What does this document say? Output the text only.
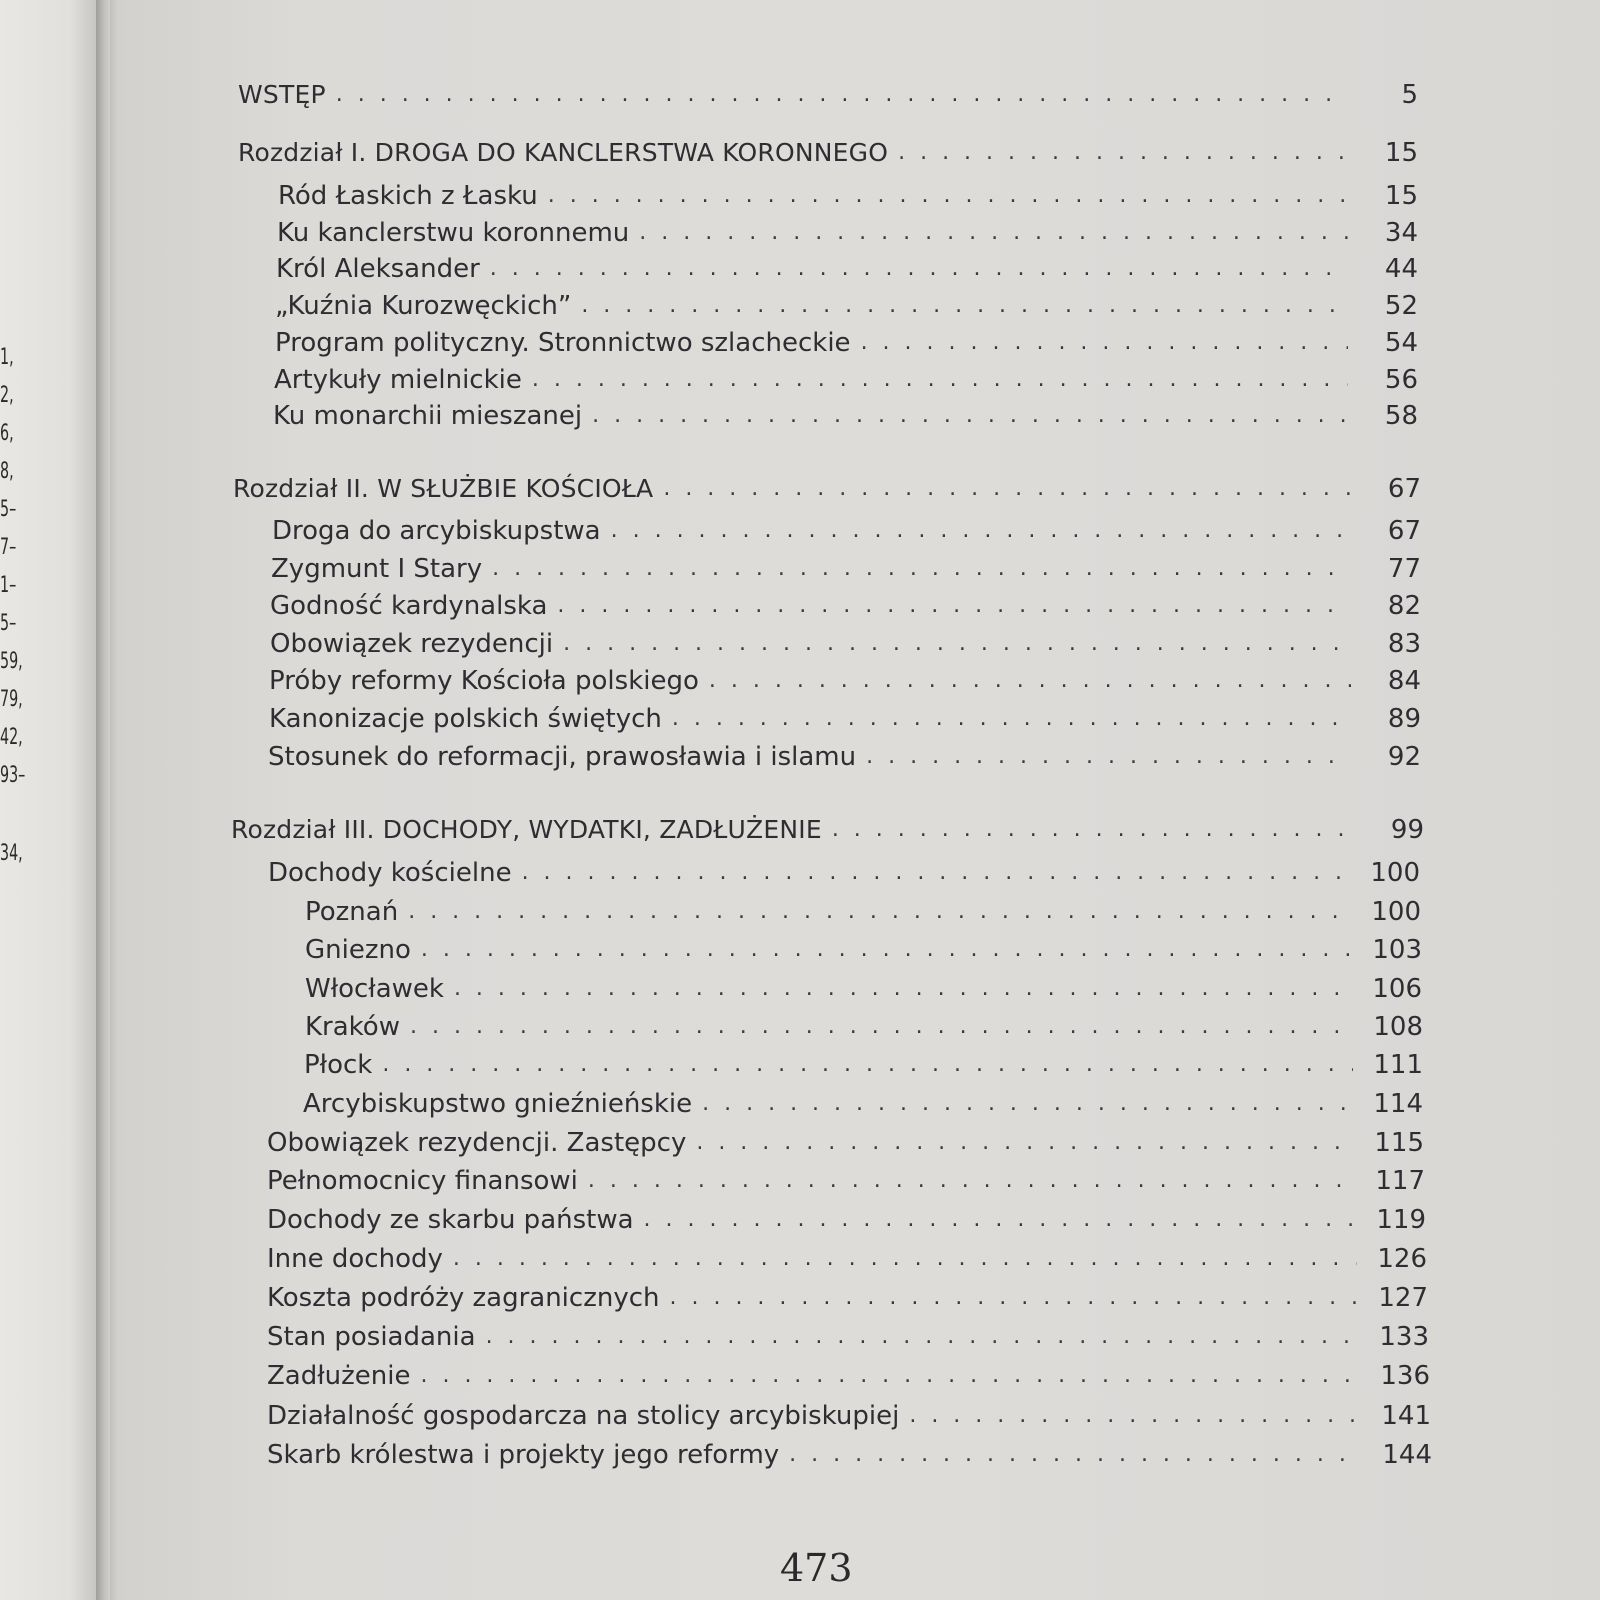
1,
2,
6,
8,
5–
7–
1–
5–
59,
79,
42,
93–
34,
WSTĘP . . .	5
Rozdział I. DROGA DO KANCLERSTWA KORONNEGO . . .	15
Ród Łaskich z Łasku . . .	15
Ku kanclerstwu koronnemu . . .	34
Król Aleksander . . .	44
„Kuźnia Kurozwęckich” . . .	52
Program polityczny. Stronnictwo szlacheckie . . .	54
Artykuły mielnickie . . .	56
Ku monarchii mieszanej . . .	58
Rozdział II. W SŁUŻBIE KOŚCIOŁA . . .	67
Droga do arcybiskupstwa . . .	67
Zygmunt I Stary . . .	77
Godność kardynalska . . .	82
Obowiązek rezydencji . . .	83
Próby reformy Kościoła polskiego . . .	84
Kanonizacje polskich świętych . . .	89
Stosunek do reformacji, prawosławia i islamu . . .	92
Rozdział III. DOCHODY, WYDATKI, ZADŁUŻENIE . . .	99
Dochody kościelne . . .	100
Poznań . . .	100
Gniezno . . .	103
Włocławek . . .	106
Kraków . . .	108
Płock . . .	111
Arcybiskupstwo gnieźnieńskie . . .	114
Obowiązek rezydencji. Zastępcy . . .	115
Pełnomocnicy finansowi . . .	117
Dochody ze skarbu państwa . . .	119
Inne dochody . . .	126
Koszta podróży zagranicznych . . .	127
Stan posiadania . . .	133
Zadłużenie . . .	136
Działalność gospodarcza na stolicy arcybiskupiej . . .	141
Skarb królestwa i projekty jego reformy . . .	144
473
